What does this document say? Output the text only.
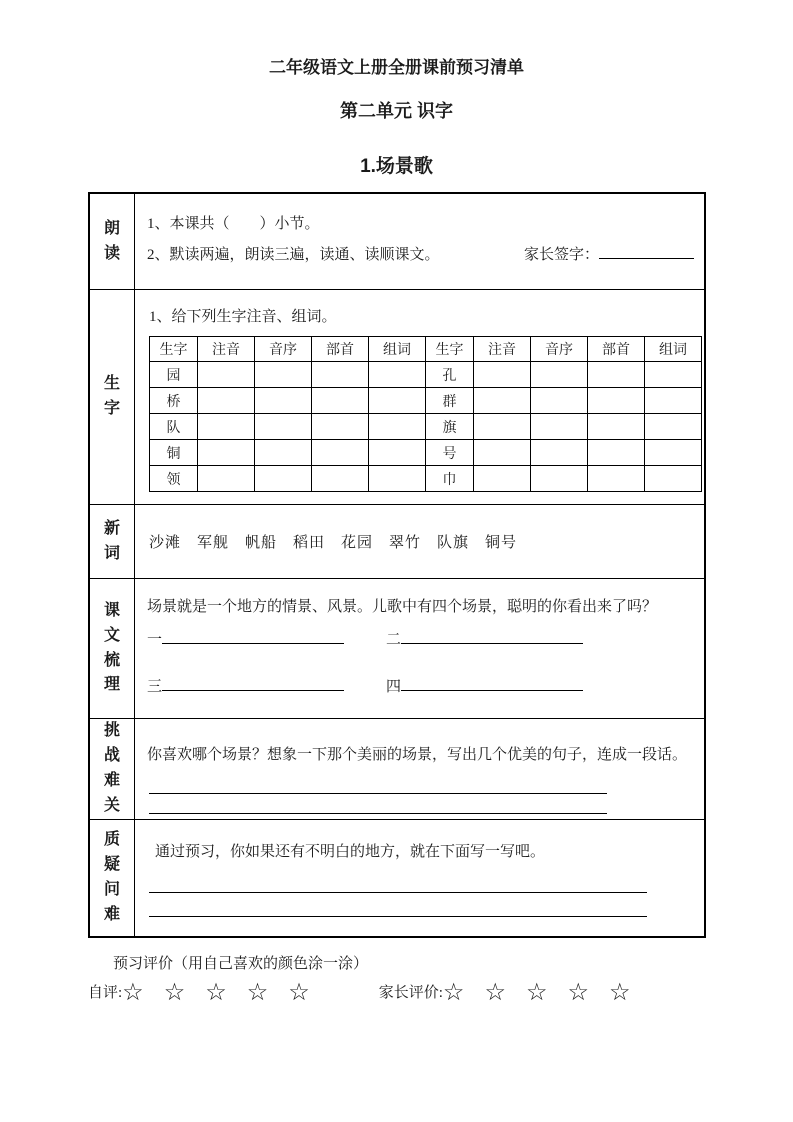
二年级语文上册全册课前预习清单
第二单元 识字
1.场景歌
朗读
1、本课共（　　）小节。
2、默读两遍，朗读三遍，读通、读顺课文。	家长签字：
生字
1、给下列生字注音、组词。
生字	注音	音序	部首	组词	生字	注音	音序	部首	组词
园					孔				
桥					群				
队					旗				
铜					号				
领					巾				
新词
沙滩　军舰　帆船　稻田　花园　翠竹　队旗　铜号
课文梳理
场景就是一个地方的情景、风景。儿歌中有四个场景，聪明的你看出来了吗？
一	二
三	四
挑战难关
你喜欢哪个场景？想象一下那个美丽的场景，写出几个优美的句子，连成一段话。
质疑问难
通过预习，你如果还有不明白的地方，就在下面写一写吧。
预习评价（用自己喜欢的颜色涂一涂）
自评: ☆ ☆ ☆ ☆ ☆	家长评价: ☆ ☆ ☆ ☆ ☆
